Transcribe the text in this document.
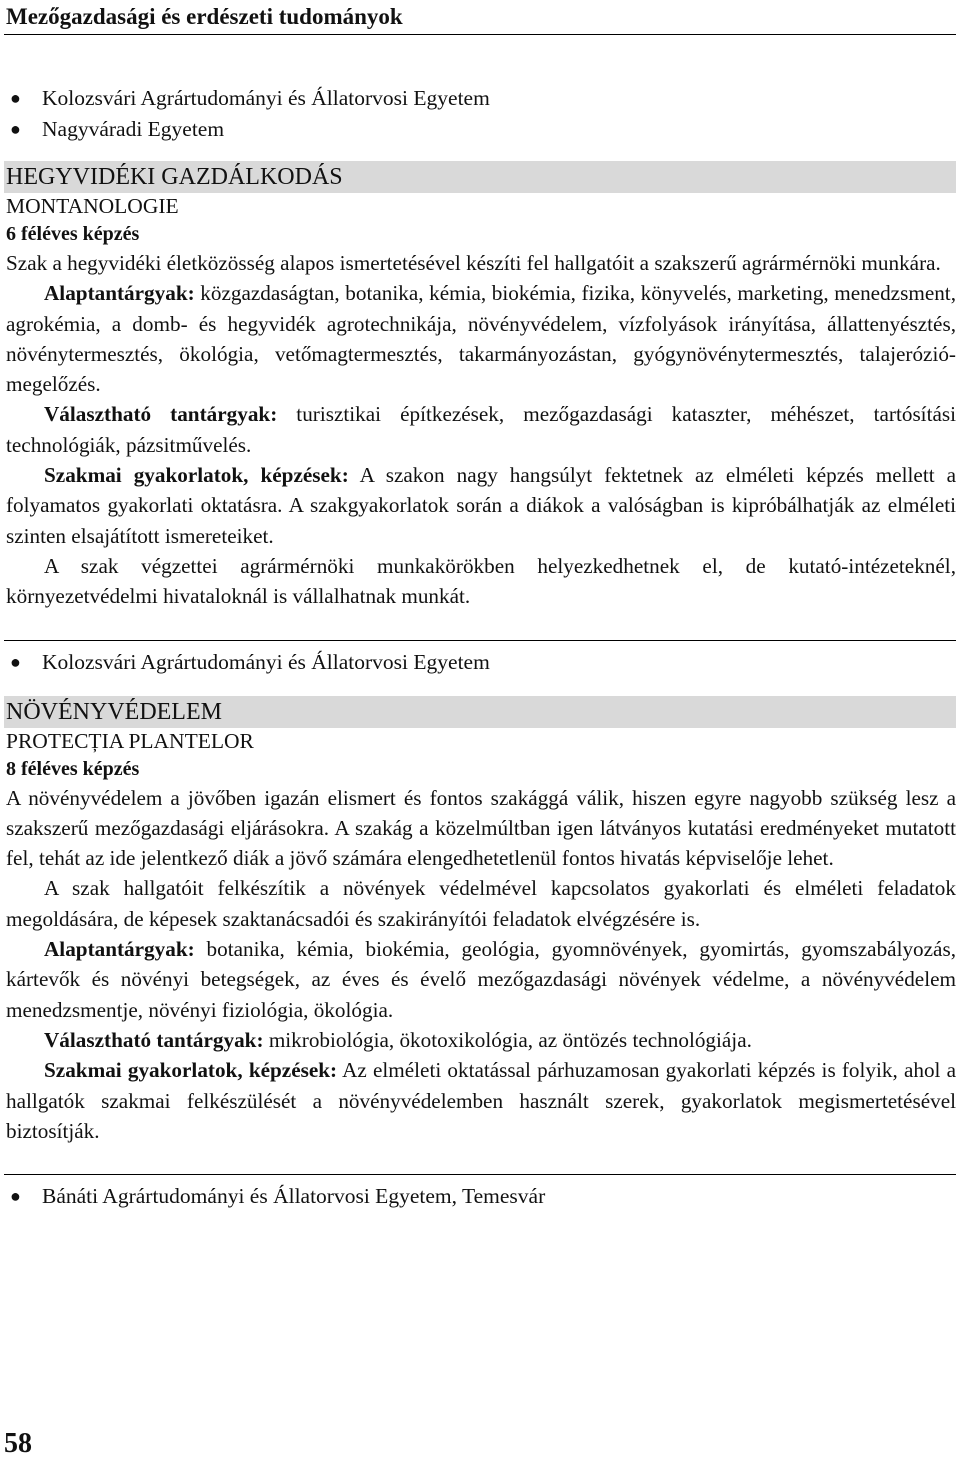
Mezőgazdasági és erdészeti tudományok
● Kolozsvári Agrártudományi és Állatorvosi Egyetem
● Nagyváradi Egyetem
HEGYVIDÉKI GAZDÁLKODÁS
MONTANOLOGIE
6 féléves képzés

Szak a hegyvidéki életközösség alapos ismertetésével készíti fel hallgatóit a szakszerű agrármérnöki munkára.

Alaptantárgyak: közgazdaságtan, botanika, kémia, biokémia, fizika, könyvelés, marketing, menedzsment, agrokémia, a domb- és hegyvidék agrotechnikája, növényvédelem, vízfolyások irányítása, állattenyésztés, növénytermesztés, ökológia, vetőmagtermesztés, takarmányozástan, gyógynövénytermesztés, talajerózió-megelőzés.

Választható tantárgyak: turisztikai építkezések, mezőgazdasági kataszter, méhészet, tartósítási technológiák, pázsitművelés.

Szakmai gyakorlatok, képzések: A szakon nagy hangsúlyt fektetnek az elméleti képzés mellett a folyamatos gyakorlati oktatásra. A szakgyakorlatok során a diákok a valóságban is kipróbálhatják az elméleti szinten elsajátított ismereteiket.

A szak végzettei agrármérnöki munkakörökben helyezkedhetnek el, de kutató-intézeteknél, környezetvédelmi hivataloknál is vállalhatnak munkát.

● Kolozsvári Agrártudományi és Állatorvosi Egyetem
NÖVÉNYVÉDELEM
PROTECȚIA PLANTELOR
8 féléves képzés

A növényvédelem a jövőben igazán elismert és fontos szakággá válik, hiszen egyre nagyobb szükség lesz a szakszerű mezőgazdasági eljárásokra. A szakág a közelmúltban igen látványos kutatási eredményeket mutatott fel, tehát az ide jelentkező diák a jövő számára elengedhetetlenül fontos hivatás képviselője lehet.

A szak hallgatóit felkészítik a növények védelmével kapcsolatos gyakorlati és elméleti feladatok megoldására, de képesek szaktanácsadói és szakirányítói feladatok elvégzésére is.

Alaptantárgyak: botanika, kémia, biokémia, geológia, gyomnövények, gyomirtás, gyomszabályozás, kártevők és növényi betegségek, az éves és évelő mezőgazdasági növények védelme, a növényvédelem menedzsmentje, növényi fiziológia, ökológia.

Választható tantárgyak: mikrobiológia, ökotoxikológia, az öntözés technológiája.

Szakmai gyakorlatok, képzések: Az elméleti oktatással párhuzamosan gyakorlati képzés is folyik, ahol a hallgatók szakmai felkészülését a növényvédelemben használt szerek, gyakorlatok megismertetésével biztosítják.

● Bánáti Agrártudományi és Állatorvosi Egyetem, Temesvár
58
